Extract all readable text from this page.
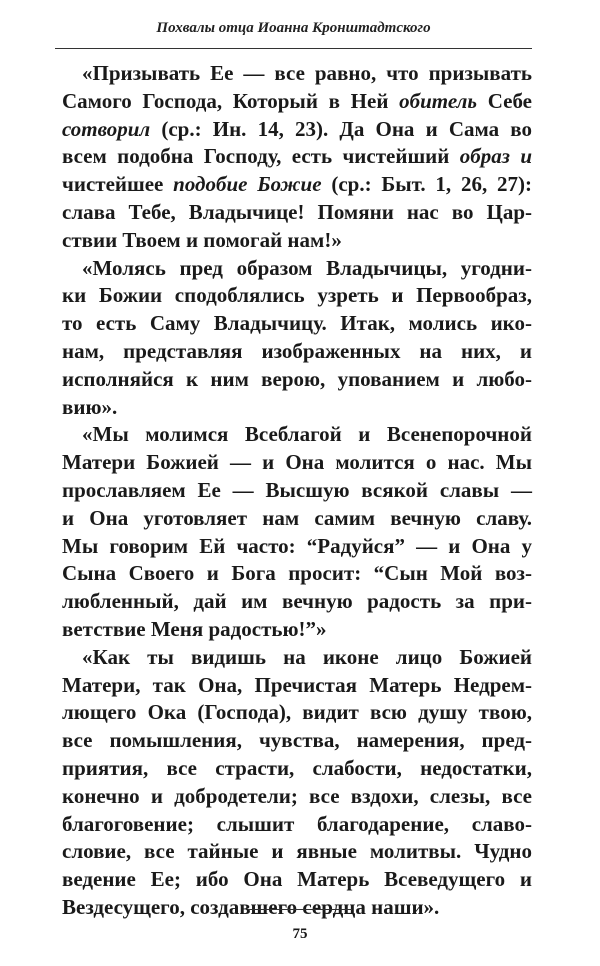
Похвалы отца Иоанна Кронштадтского
«Призывать Ее — все равно, что призывать
Самого Господа, Который в Ней обитель Себе
сотворил (ср.: Ин. 14, 23). Да Она и Сама во
всем подобна Господу, есть чистейший образ и
чистейшее подобие Божие (ср.: Быт. 1, 26, 27):
слава Тебе, Владычице! Помяни нас во Цар-
ствии Твоем и помогай нам!»
«Молясь пред образом Владычицы, угодни-
ки Божии сподоблялись узреть и Первообраз,
то есть Саму Владычицу. Итак, молись ико-
нам, представляя изображенных на них, и
исполняйся к ним верою, упованием и любо-
вию».
«Мы молимся Всеблагой и Всенепорочной
Матери Божией — и Она молится о нас. Мы
прославляем Ее — Высшую всякой славы —
и Она уготовляет нам самим вечную славу.
Мы говорим Ей часто: “Радуйся” — и Она у
Сына Своего и Бога просит: “Сын Мой воз-
любленный, дай им вечную радость за при-
ветствие Меня радостью!”»
«Как ты видишь на иконе лицо Божией
Матери, так Она, Пречистая Матерь Недрем-
лющего Ока (Господа), видит всю душу твою,
все помышления, чувства, намерения, пред-
приятия, все страсти, слабости, недостатки,
конечно и добродетели; все вздохи, слезы, все
благоговение; слышит благодарение, славо-
словие, все тайные и явные молитвы. Чудно
ведение Ее; ибо Она Матерь Всеведущего и
Вездесущего, создавшего сердца наши».
75
